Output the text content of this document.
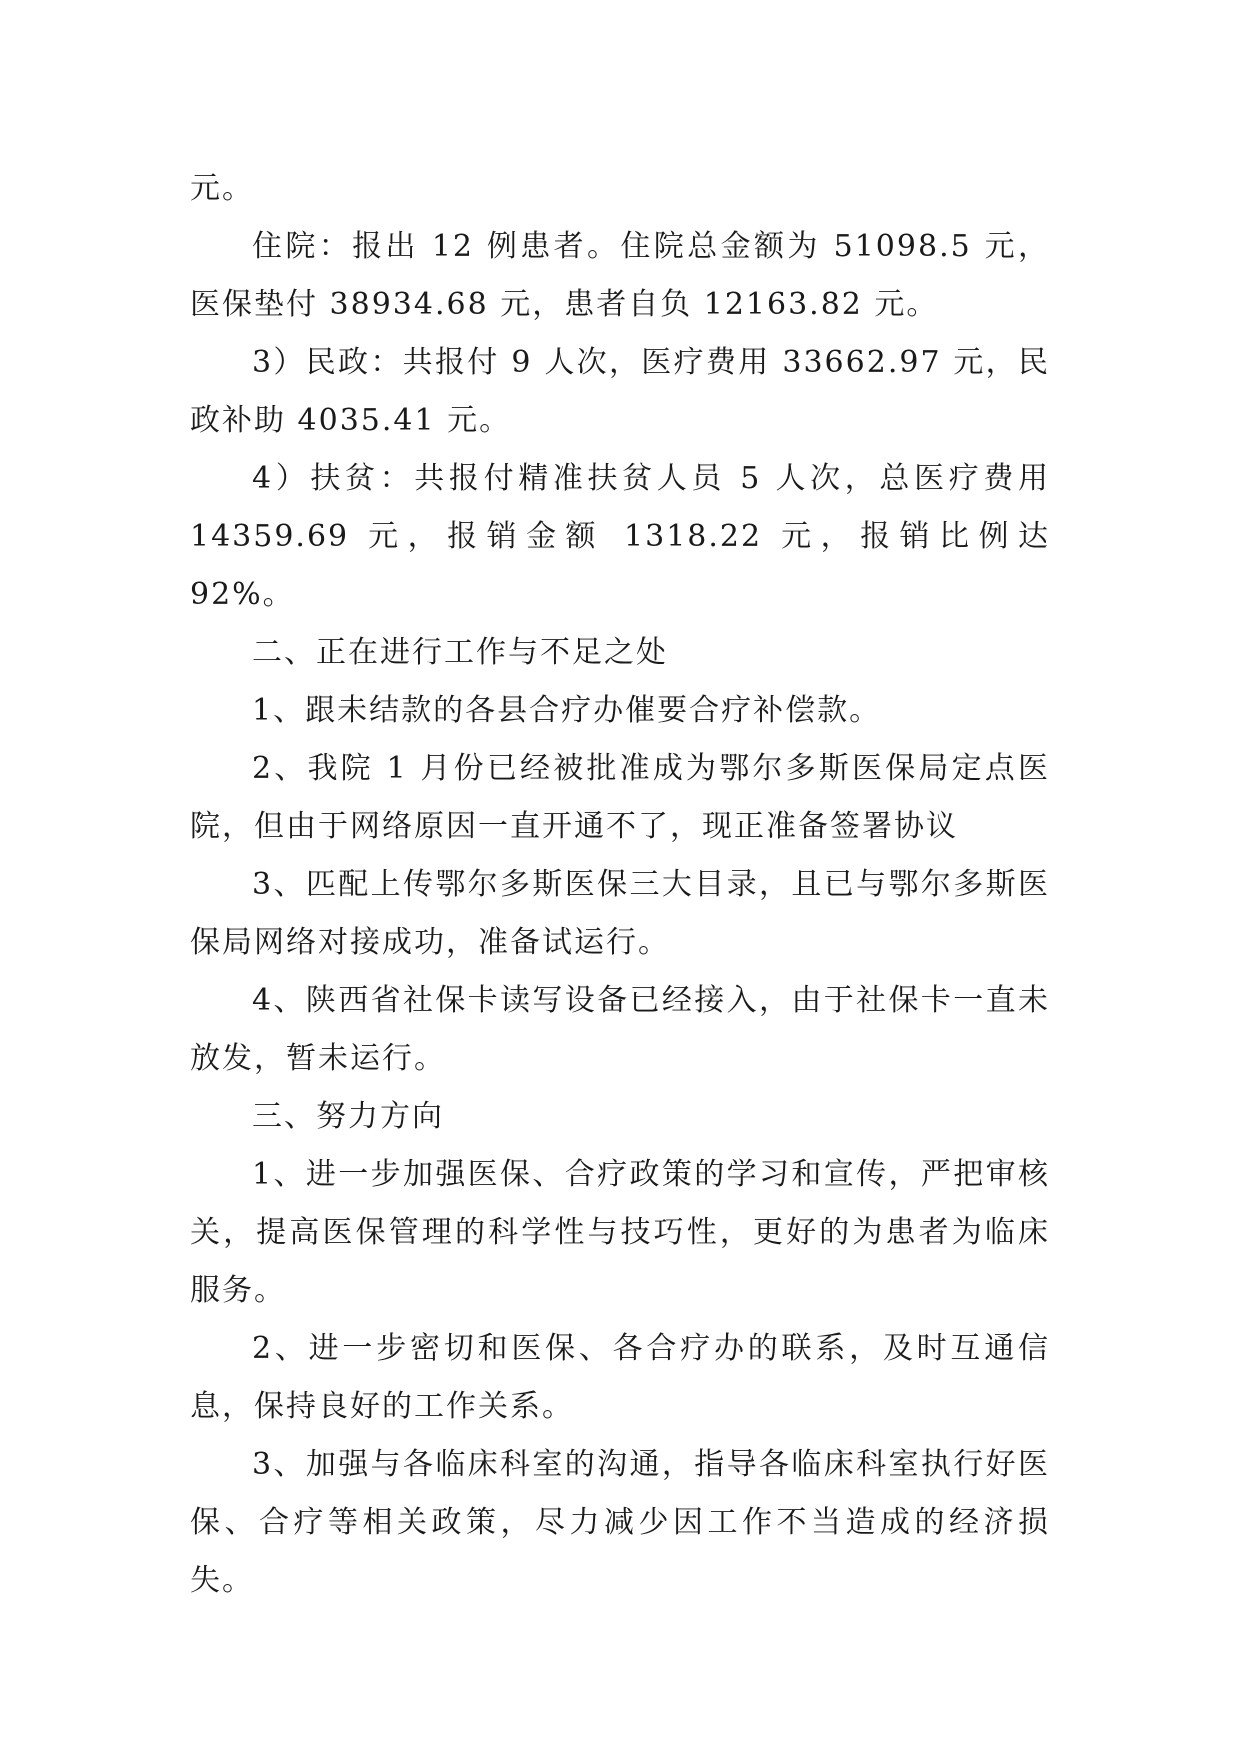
元。

住院：报出 12 例患者。住院总金额为 51098.5 元，医保垫付 38934.68 元，患者自负 12163.82 元。

3）民政：共报付 9 人次，医疗费用 33662.97 元，民政补助 4035.41 元。

4）扶贫：共报付精准扶贫人员 5 人次，总医疗费用 14359.69 元，报销金额 1318.22 元，报销比例达 92%。

二、正在进行工作与不足之处

1、跟未结款的各县合疗办催要合疗补偿款。

2、我院 1 月份已经被批准成为鄂尔多斯医保局定点医院，但由于网络原因一直开通不了，现正准备签署协议

3、匹配上传鄂尔多斯医保三大目录，且已与鄂尔多斯医保局网络对接成功，准备试运行。

4、陕西省社保卡读写设备已经接入，由于社保卡一直未放发，暂未运行。

三、努力方向

1、进一步加强医保、合疗政策的学习和宣传，严把审核关，提高医保管理的科学性与技巧性，更好的为患者为临床服务。

2、进一步密切和医保、各合疗办的联系，及时互通信息，保持良好的工作关系。

3、加强与各临床科室的沟通，指导各临床科室执行好医保、合疗等相关政策，尽力减少因工作不当造成的经济损失。
